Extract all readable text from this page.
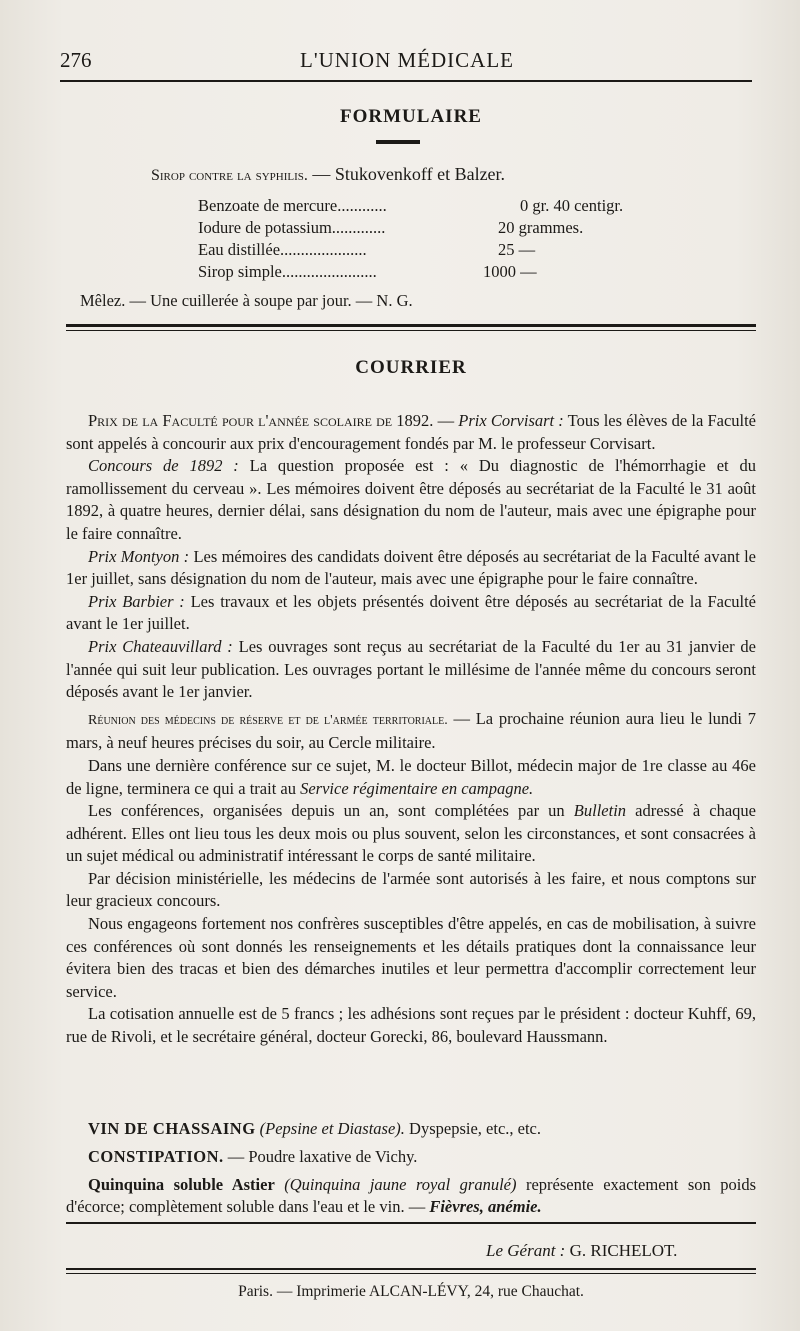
276	L'UNION MÉDICALE
FORMULAIRE
Sirop contre la syphilis. — Stukovenkoff et Balzer.
Benzoate de mercure............	0 gr. 40 centigr.
Iodure de potassium.............	20 grammes.
Eau distillée.....................	25 —
Sirop simple.......................	1000 —
Mêlez. — Une cuillerée à soupe par jour. — N. G.
COURRIER

Prix de la Faculté pour l'année scolaire de 1892. — Prix Corvisart : Tous les élèves de la Faculté sont appelés à concourir aux prix d'encouragement fondés par M. le professeur Corvisart.

Concours de 1892 : La question proposée est : « Du diagnostic de l'hémorrhagie et du ramollissement du cerveau ». Les mémoires doivent être déposés au secrétariat de la Faculté le 31 août 1892, à quatre heures, dernier délai, sans désignation du nom de l'auteur, mais avec une épigraphe pour le faire connaître.

Prix Montyon : Les mémoires des candidats doivent être déposés au secrétariat de la Faculté avant le 1er juillet, sans désignation du nom de l'auteur, mais avec une épigraphe pour le faire connaître.

Prix Barbier : Les travaux et les objets présentés doivent être déposés au secrétariat de la Faculté avant le 1er juillet.

Prix Chateauvillard : Les ouvrages sont reçus au secrétariat de la Faculté du 1er au 31 janvier de l'année qui suit leur publication. Les ouvrages portant le millésime de l'année même du concours seront déposés avant le 1er janvier.

Réunion des médecins de réserve et de l'armée territoriale. — La prochaine réunion aura lieu le lundi 7 mars, à neuf heures précises du soir, au Cercle militaire.

Dans une dernière conférence sur ce sujet, M. le docteur Billot, médecin major de 1re classe au 46e de ligne, terminera ce qui a trait au Service régimentaire en campagne.

Les conférences, organisées depuis un an, sont complétées par un Bulletin adressé à chaque adhérent. Elles ont lieu tous les deux mois ou plus souvent, selon les circonstances, et sont consacrées à un sujet médical ou administratif intéressant le corps de santé militaire.

Par décision ministérielle, les médecins de l'armée sont autorisés à les faire, et nous comptons sur leur gracieux concours.

Nous engageons fortement nos confrères susceptibles d'être appelés, en cas de mobilisation, à suivre ces conférences où sont donnés les renseignements et les détails pratiques dont la connaissance leur évitera bien des tracas et bien des démarches inutiles et leur permettra d'accomplir correctement leur service.

La cotisation annuelle est de 5 francs ; les adhésions sont reçues par le président : docteur Kuhff, 69, rue de Rivoli, et le secrétaire général, docteur Gorecki, 86, boulevard Haussmann.

VIN DE CHASSAING (Pepsine et Diastase). Dyspepsie, etc., etc.
CONSTIPATION. — Poudre laxative de Vichy.
Quinquina soluble Astier (Quinquina jaune royal granulé) représente exactement son poids d'écorce; complètement soluble dans l'eau et le vin. — Fièvres, anémie.
Le Gérant : G. RICHELOT.
Paris. — Imprimerie ALCAN-LÉVY, 24, rue Chauchat.
